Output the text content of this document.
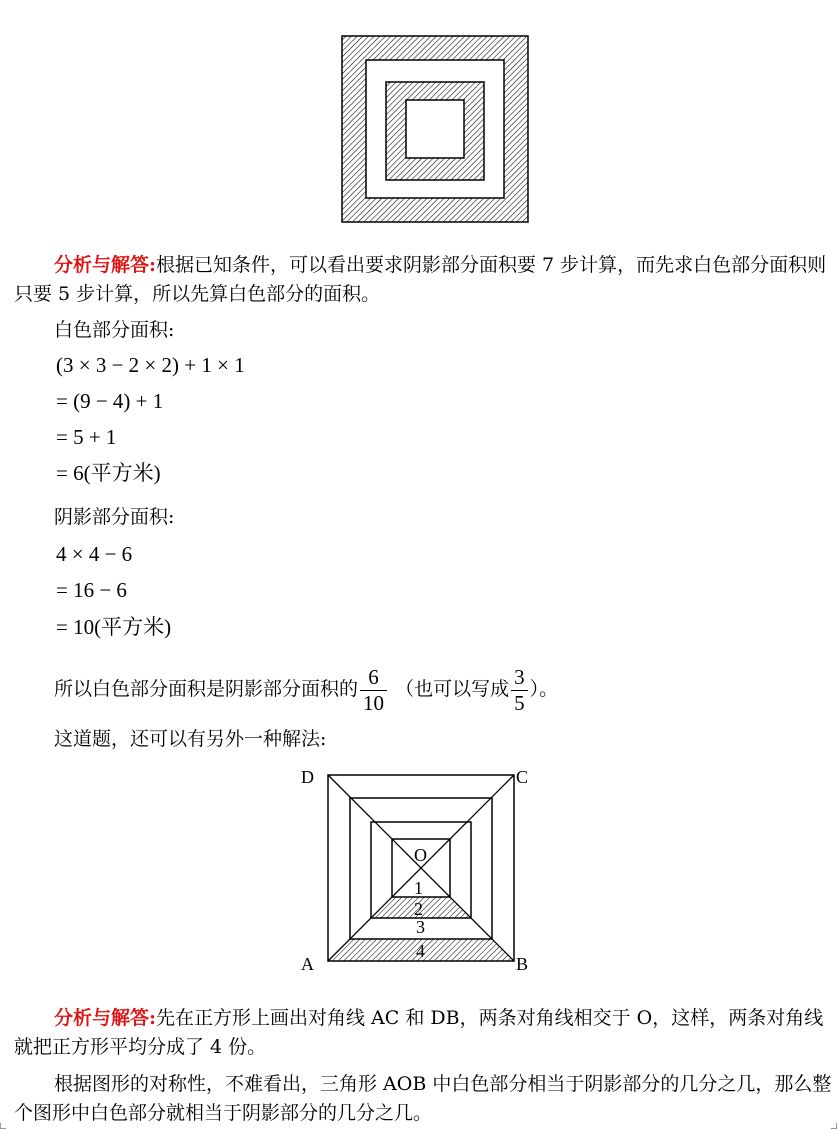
分析与解答:根据已知条件，可以看出要求阴影部分面积要 7 步计算，而先求白色部分面积则只要 5 步计算，所以先算白色部分的面积。
白色部分面积:
(3 × 3 − 2 × 2) + 1 × 1
= (9 − 4) + 1
= 5 + 1
= 6(平方米)
阴影部分面积:
4 × 4 − 6
= 16 − 6
= 10(平方米)
所以白色部分面积是阴影部分面积的 $\frac{6}{10}$ （也可以写成 $\frac{3}{5}$ ）。
这道题，还可以有另外一种解法:
D	C
A	B
O
1
2
3
4
分析与解答:先在正方形上画出对角线 AC 和 DB，两条对角线相交于 O，这样，两条对角线就把正方形平均分成了 4 份。
根据图形的对称性，不难看出，三角形 AOB 中白色部分相当于阴影部分的几分之几，那么整个图形中白色部分就相当于阴影部分的几分之几。
